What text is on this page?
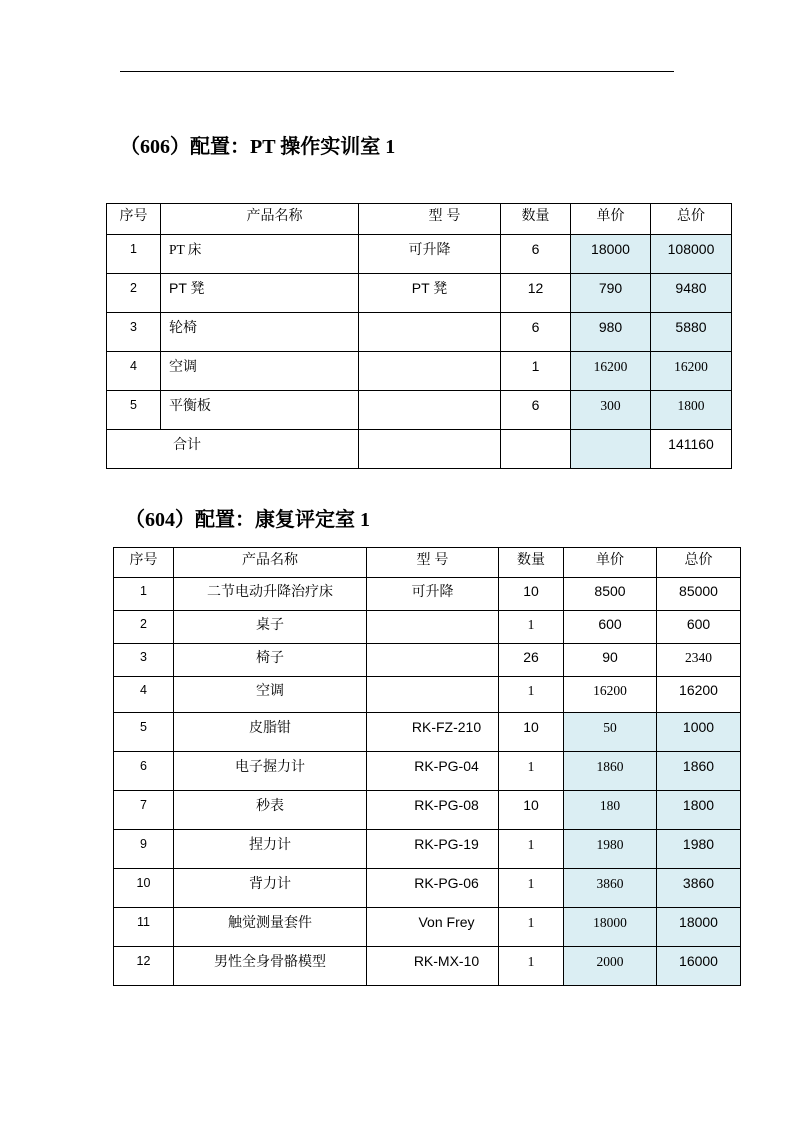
（606）配置：PT 操作实训室 1
序号	产品名称	型 号	数量	单价	总价
1	PT 床	可升降	6	18000	108000
2	PT 凳	PT 凳	12	790	9480
3	轮椅		6	980	5880
4	空调		1	16200	16200
5	平衡板		6	300	1800
合计					141160
（604）配置：康复评定室 1
序号	产品名称	型 号	数量	单价	总价
1	二节电动升降治疗床	可升降	10	8500	85000
2	桌子		1	600	600
3	椅子		26	90	2340
4	空调		1	16200	16200
5	皮脂钳	RK-FZ-210	10	50	1000
6	电子握力计	RK-PG-04	1	1860	1860
7	秒表	RK-PG-08	10	180	1800
9	捏力计	RK-PG-19	1	1980	1980
10	背力计	RK-PG-06	1	3860	3860
11	触觉测量套件	Von Frey	1	18000	18000
12	男性全身骨骼模型	RK-MX-10	1	2000	16000
